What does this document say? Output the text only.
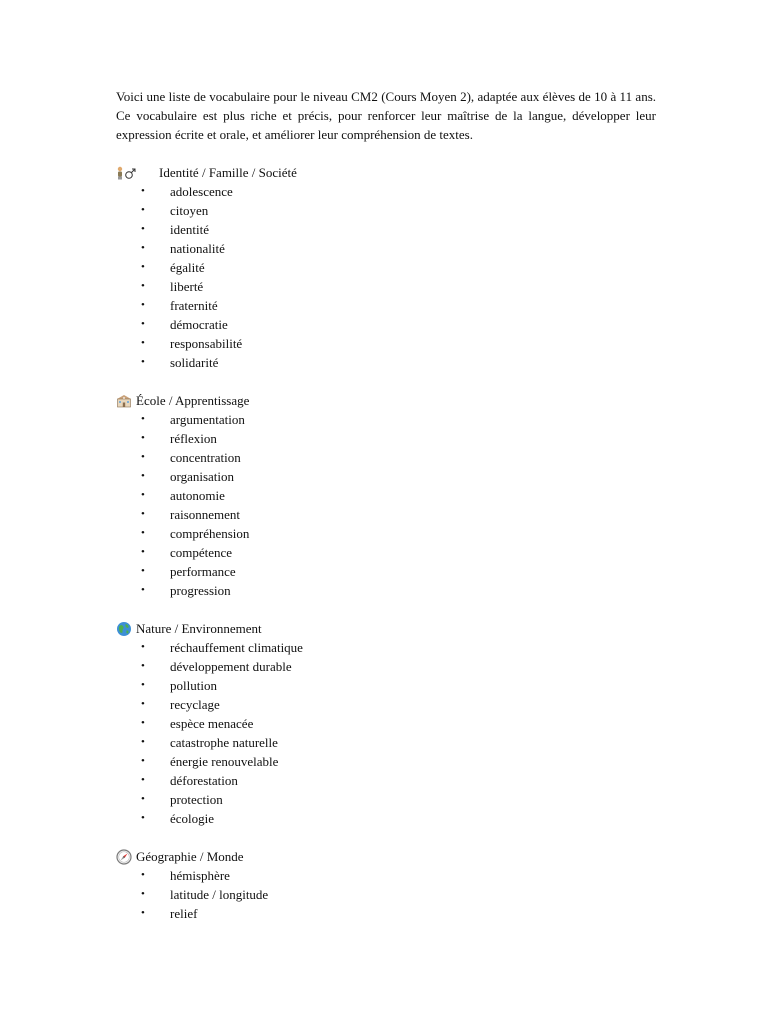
Voici une liste de vocabulaire pour le niveau CM2 (Cours Moyen 2), adaptée aux élèves de 10 à 11 ans. Ce vocabulaire est plus riche et précis, pour renforcer leur maîtrise de la langue, développer leur expression écrite et orale, et améliorer leur compréhension de textes.

Identité / Famille / Société
• adolescence
• citoyen
• identité
• nationalité
• égalité
• liberté
• fraternité
• démocratie
• responsabilité
• solidarité
École / Apprentissage
• argumentation
• réflexion
• concentration
• organisation
• autonomie
• raisonnement
• compréhension
• compétence
• performance
• progression
Nature / Environnement
• réchauffement climatique
• développement durable
• pollution
• recyclage
• espèce menacée
• catastrophe naturelle
• énergie renouvelable
• déforestation
• protection
• écologie
Géographie / Monde
• hémisphère
• latitude / longitude
• relief
